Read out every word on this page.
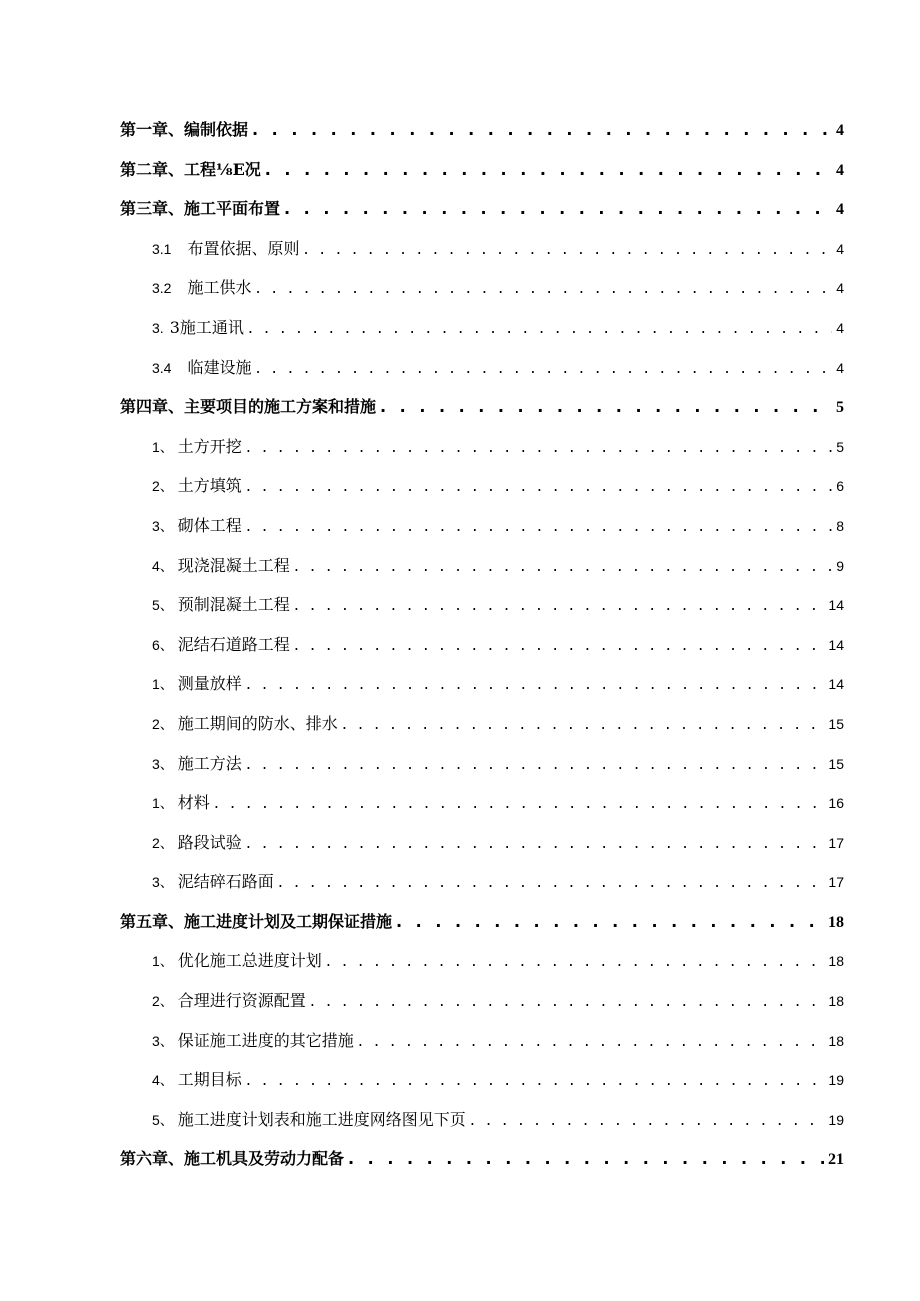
第一章、编制依据 . . .	4
第二章、工程⅛E况 . . .	4
第三章、施工平面布置 . . .	4
3.1 布置依据、原则 . . .	4
3.2 施工供水 . . .	4
3. 3施工通讯 . . .	4
3.4 临建设施 . . .	4
第四章、主要项目的施工方案和措施 . . .	5
1、 土方开挖 . . .	5
2、 土方填筑 . . .	6
3、 砌体工程 . . .	8
4、 现浇混凝土工程 . . .	9
5、 预制混凝土工程 . . .	14
6、 泥结石道路工程 . . .	14
1、 测量放样 . . .	14
2、 施工期间的防水、排水 . . .	15
3、 施工方法 . . .	15
1、 材料 . . .	16
2、 路段试验 . . .	17
3、 泥结碎石路面 . . .	17
第五章、施工进度计划及工期保证措施 . . .	18
1、 优化施工总进度计划 . . .	18
2、 合理进行资源配置 . . .	18
3、 保证施工进度的其它措施 . . .	18
4、 工期目标 . . .	19
5、 施工进度计划表和施工进度网络图见下页 . . .	19
第六章、施工机具及劳动力配备 . . .	21
